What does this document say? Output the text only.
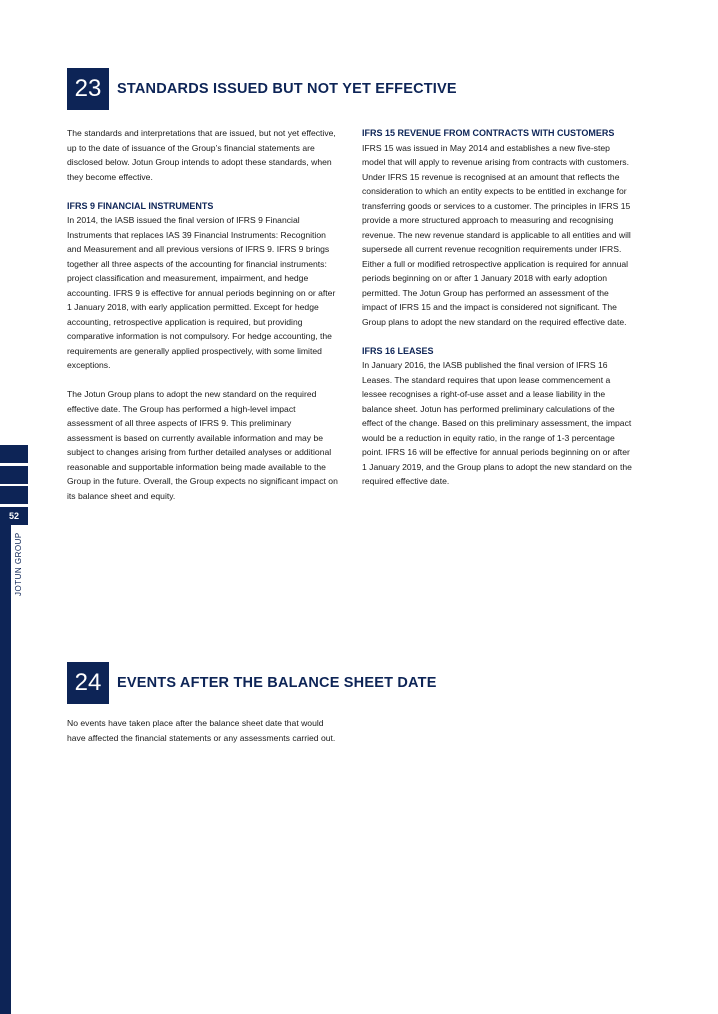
52
JOTUN GROUP
23	STANDARDS ISSUED BUT NOT YET EFFECTIVE

The standards and interpretations that are issued, but not yet effective, up to the date of issuance of the Group’s financial statements are disclosed below. Jotun Group intends to adopt these standards, when they become effective.

IFRS 9 FINANCIAL INSTRUMENTS

In 2014, the IASB issued the final version of IFRS 9 Financial Instruments that replaces IAS 39 Financial Instruments: Recognition and Measurement and all previous versions of IFRS 9. IFRS 9 brings together all three aspects of the accounting for financial instruments: project classification and measurement, impairment, and hedge accounting. IFRS 9 is effective for annual periods beginning on or after 1 January 2018, with early application permitted. Except for hedge accounting, retrospective application is required, but providing comparative information is not compulsory. For hedge accounting, the requirements are generally applied prospectively, with some limited exceptions.

The Jotun Group plans to adopt the new standard on the required effective date. The Group has performed a high-level impact assessment of all three aspects of IFRS 9. This preliminary assessment is based on currently available information and may be subject to changes arising from further detailed analyses or additional reasonable and supportable information being made available to the Group in the future. Overall, the Group expects no significant impact on its balance sheet and equity.

IFRS 15 REVENUE FROM CONTRACTS WITH CUSTOMERS

IFRS 15 was issued in May 2014 and establishes a new five-step model that will apply to revenue arising from contracts with customers. Under IFRS 15 revenue is recognised at an amount that reflects the consideration to which an entity expects to be entitled in exchange for transferring goods or services to a customer. The principles in IFRS 15 provide a more structured approach to measuring and recognising revenue. The new revenue standard is applicable to all entities and will supersede all current revenue recognition requirements under IFRS. Either a full or modified retrospective application is required for annual periods beginning on or after 1 January 2018 with early adoption permitted. The Jotun Group has performed an assessment of the impact of IFRS 15 and the impact is considered not significant. The Group plans to adopt the new standard on the required effective date.

IFRS 16 LEASES

In January 2016, the IASB published the final version of IFRS 16 Leases. The standard requires that upon lease commencement a lessee recognises a right-of-use asset and a lease liability in the balance sheet. Jotun has performed preliminary calculations of the effect of the change. Based on this preliminary assessment, the impact would be a reduction in equity ratio, in the range of 1-3 percentage point. IFRS 16 will be effective for annual periods beginning on or after 1 January 2019, and the Group plans to adopt the new standard on the required effective date.

24	EVENTS AFTER THE BALANCE SHEET DATE

No events have taken place after the balance sheet date that would have affected the financial statements or any assessments carried out.
